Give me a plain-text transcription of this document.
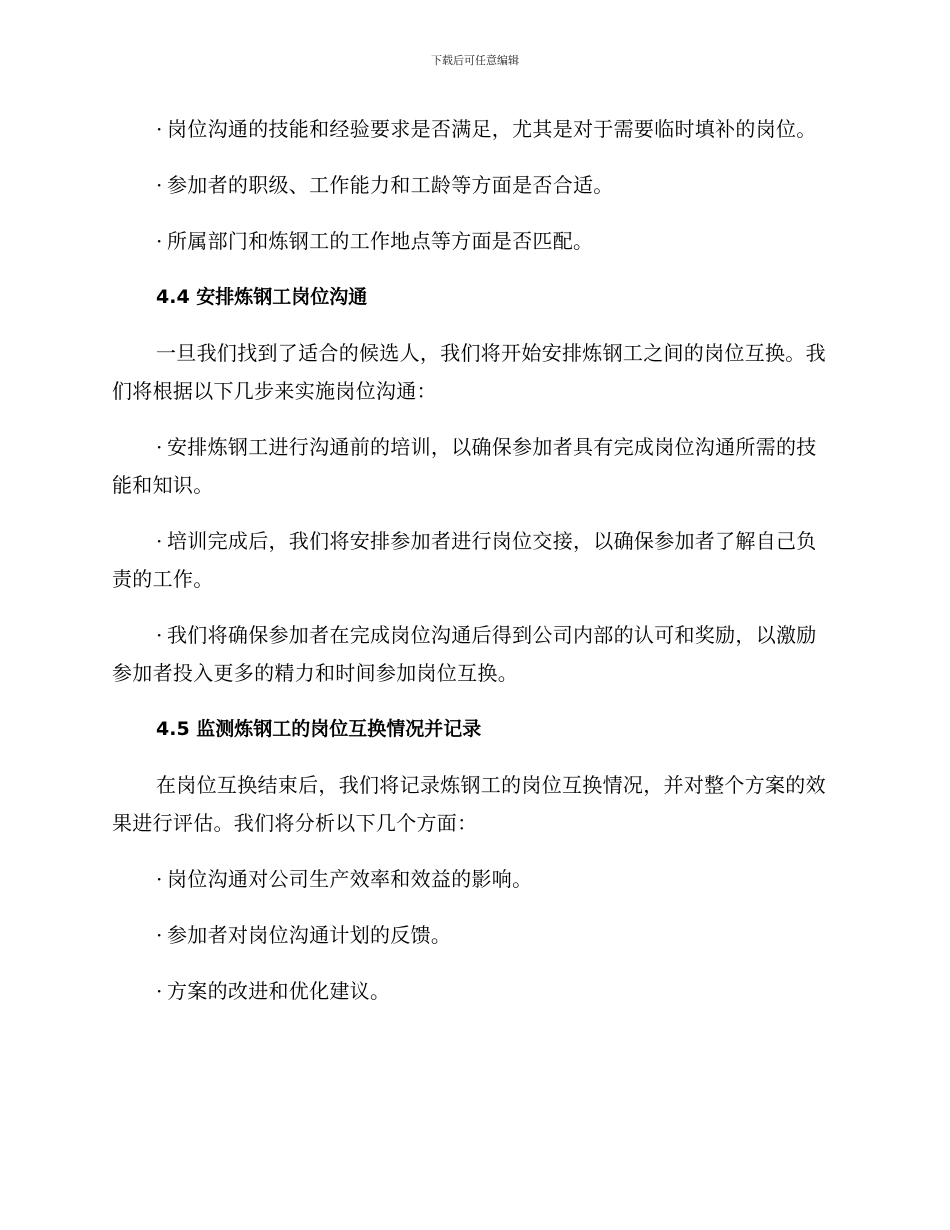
下载后可任意编辑

· 岗位沟通的技能和经验要求是否满足，尤其是对于需要临时填补的岗位。

· 参加者的职级、工作能力和工龄等方面是否合适。

· 所属部门和炼钢工的工作地点等方面是否匹配。

4.4 安排炼钢工岗位沟通

一旦我们找到了适合的候选人，我们将开始安排炼钢工之间的岗位互换。我们将根据以下几步来实施岗位沟通：

· 安排炼钢工进行沟通前的培训，以确保参加者具有完成岗位沟通所需的技能和知识。

· 培训完成后，我们将安排参加者进行岗位交接，以确保参加者了解自己负责的工作。

· 我们将确保参加者在完成岗位沟通后得到公司内部的认可和奖励，以激励参加者投入更多的精力和时间参加岗位互换。

4.5 监测炼钢工的岗位互换情况并记录

在岗位互换结束后，我们将记录炼钢工的岗位互换情况，并对整个方案的效果进行评估。我们将分析以下几个方面：

· 岗位沟通对公司生产效率和效益的影响。

· 参加者对岗位沟通计划的反馈。

· 方案的改进和优化建议。
